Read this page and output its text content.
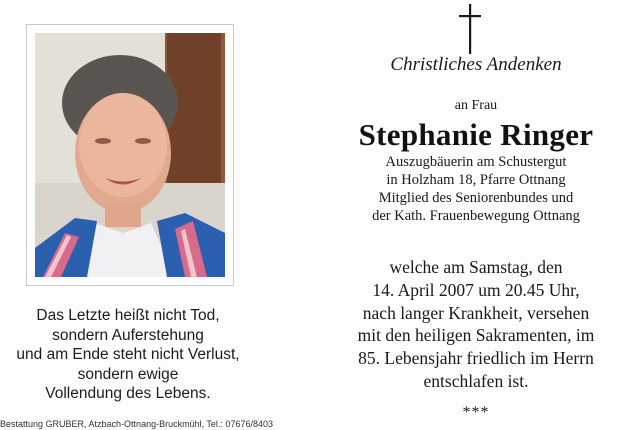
Das Letzte heißt nicht Tod,
sondern Auferstehung
und am Ende steht nicht Verlust,
sondern ewige
Vollendung des Lebens.
Bestattung GRUBER, Atzbach-Ottnang-Bruckmühl, Tel.: 07676/8403
Christliches Andenken
an Frau
Stephanie Ringer
Auszugbäuerin am Schustergut
in Holzham 18, Pfarre Ottnang
Mitglied des Seniorenbundes und
der Kath. Frauenbewegung Ottnang
welche am Samstag, den
14. April 2007 um 20.45 Uhr,
nach langer Krankheit, versehen
mit den heiligen Sakramenten, im
85. Lebensjahr friedlich im Herrn
entschlafen ist.
***
